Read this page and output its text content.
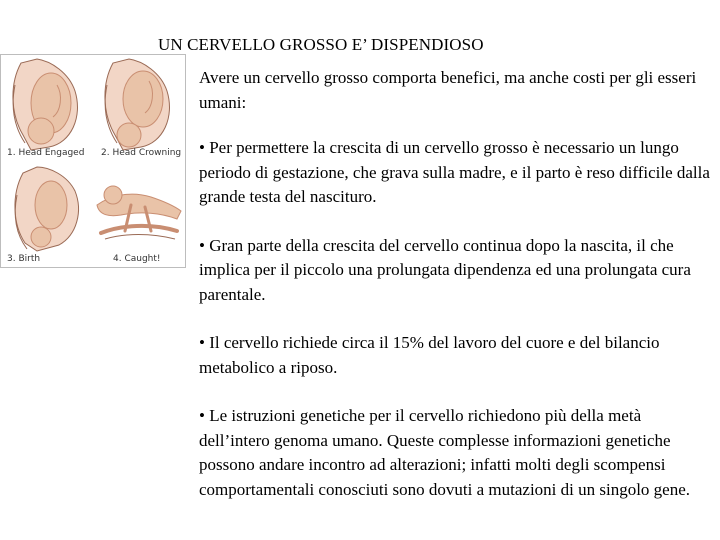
UN CERVELLO GROSSO E’ DISPENDIOSO
1. Head Engaged 2. Head Crowning
3. Birth	4. Caught!

Avere un cervello grosso comporta benefici, ma anche costi per gli esseri umani:

• Per permettere la crescita di un cervello grosso è necessario un lungo periodo di gestazione, che grava sulla madre, e il parto è reso difficile dalla grande testa del nascituro.

• Gran parte della crescita del cervello continua dopo la nascita, il che implica per il piccolo una prolungata dipendenza ed una prolungata cura parentale.

• Il cervello richiede circa il 15% del lavoro del cuore e del bilancio metabolico a riposo.

• Le istruzioni genetiche per il cervello richiedono più della metà dell’intero genoma umano. Queste complesse informazioni genetiche possono andare incontro ad alterazioni; infatti molti degli scompensi comportamentali conosciuti sono dovuti a mutazioni di un singolo gene.
